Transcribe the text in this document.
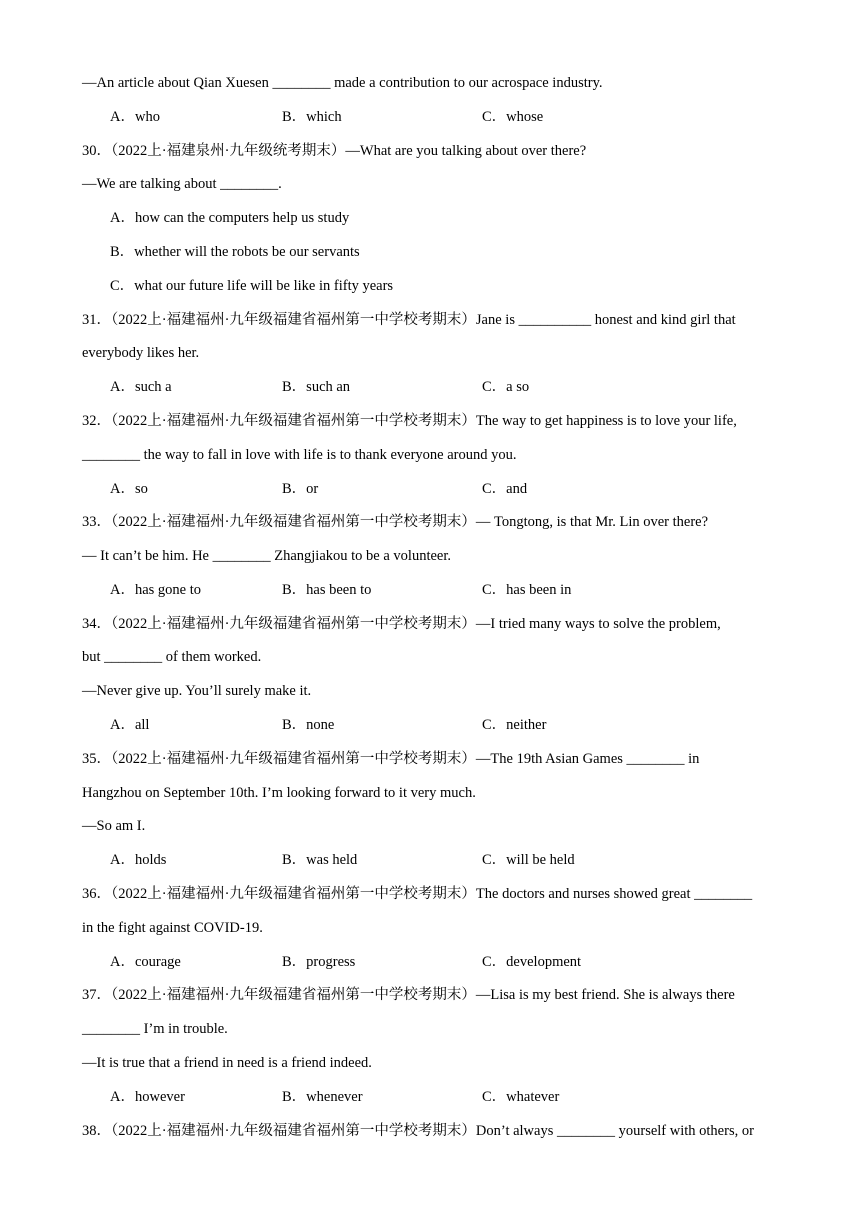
—An article about Qian Xuesen ________ made a contribution to our acrospace industry.
A．who	B．which	C．whose
30．（2022上·福建泉州·九年级统考期末）—What are you talking about over there?
—We are talking about ________.
A．how can the computers help us study
B．whether will the robots be our servants
C．what our future life will be like in fifty years
31．（2022上·福建福州·九年级福建省福州第一中学校考期末）Jane is __________ honest and kind girl that
everybody likes her.
A．such a	B．such an	C．a so
32．（2022上·福建福州·九年级福建省福州第一中学校考期末）The way to get happiness is to love your life,
________ the way to fall in love with life is to thank everyone around you.
A．so	B．or	C．and
33．（2022上·福建福州·九年级福建省福州第一中学校考期末）— Tongtong, is that Mr. Lin over there?
— It can’t be him. He ________ Zhangjiakou to be a volunteer.
A．has gone to	B．has been to	C．has been in
34．（2022上·福建福州·九年级福建省福州第一中学校考期末）—I tried many ways to solve the problem,
but ________ of them worked.
—Never give up. You’ll surely make it.
A．all	B．none	C．neither
35．（2022上·福建福州·九年级福建省福州第一中学校考期末）—The 19th Asian Games ________ in
Hangzhou on September 10th. I’m looking forward to it very much.
—So am I.
A．holds	B．was held	C．will be held
36．（2022上·福建福州·九年级福建省福州第一中学校考期末）The doctors and nurses showed great ________
in the fight against COVID-19.
A．courage	B．progress	C．development
37．（2022上·福建福州·九年级福建省福州第一中学校考期末）—Lisa is my best friend. She is always there
________ I’m in trouble.
—It is true that a friend in need is a friend indeed.
A．however	B．whenever	C．whatever
38．（2022上·福建福州·九年级福建省福州第一中学校考期末）Don’t always ________ yourself with others, or
